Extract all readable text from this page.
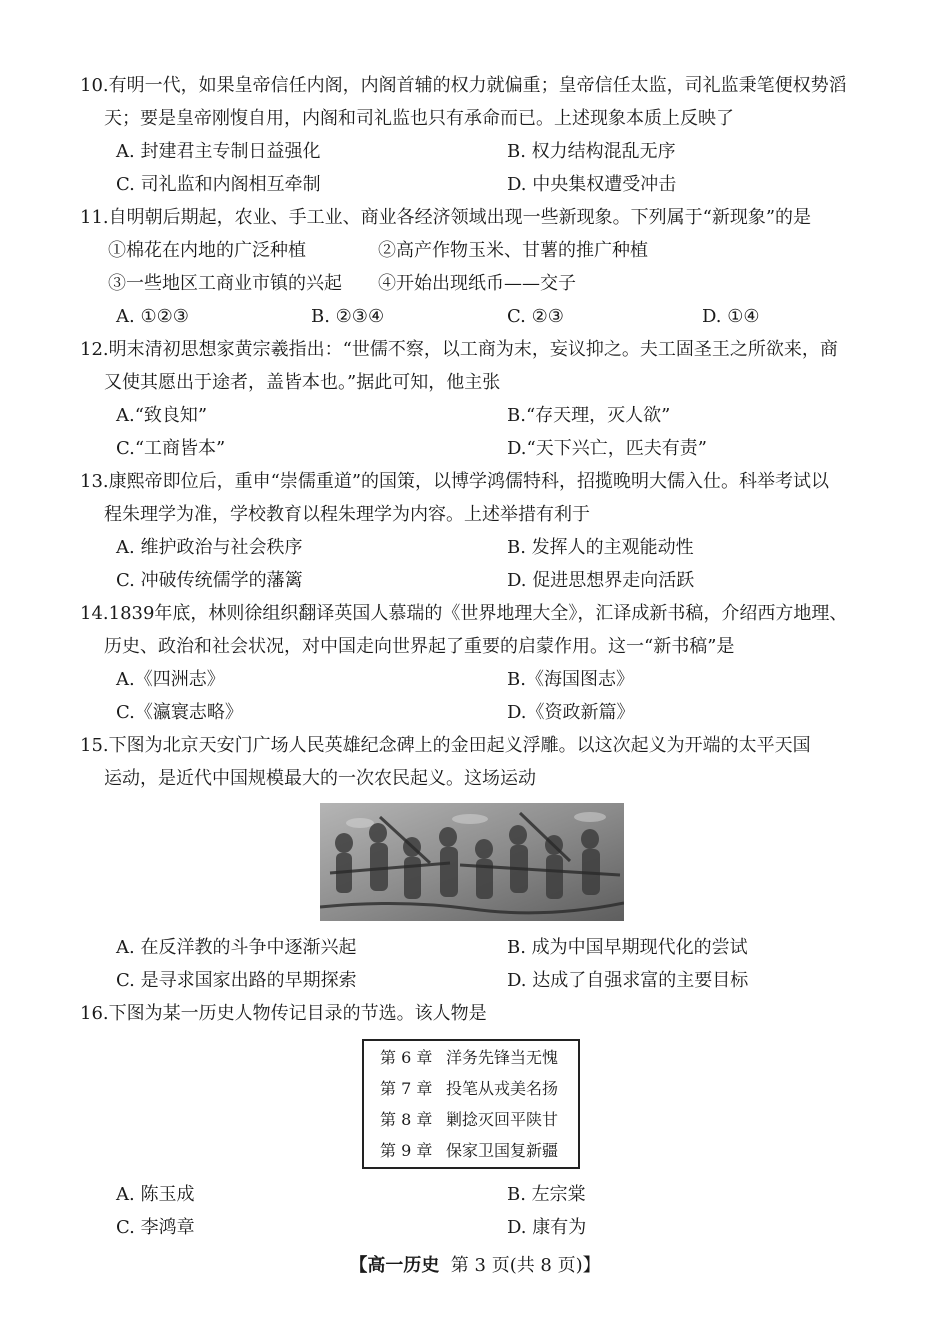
10.有明一代，如果皇帝信任内阁，内阁首辅的权力就偏重；皇帝信任太监，司礼监秉笔便权势滔
天；要是皇帝刚愎自用，内阁和司礼监也只有承命而已。上述现象本质上反映了
A. 封建君主专制日益强化	B. 权力结构混乱无序
C. 司礼监和内阁相互牵制	D. 中央集权遭受冲击
11.自明朝后期起，农业、手工业、商业各经济领域出现一些新现象。下列属于“新现象”的是
①棉花在内地的广泛种植	②高产作物玉米、甘薯的推广种植
③一些地区工商业市镇的兴起 ④开始出现纸币——交子
A. ①②③	B. ②③④	C. ②③	D. ①④
12.明末清初思想家黄宗羲指出：“世儒不察，以工商为末，妄议抑之。夫工固圣王之所欲来，商
又使其愿出于途者，盖皆本也。”据此可知，他主张
A.“致良知”	B.“存天理，灭人欲”
C.“工商皆本”	D.“天下兴亡，匹夫有责”
13.康熙帝即位后，重申“崇儒重道”的国策，以博学鸿儒特科，招揽晚明大儒入仕。科举考试以
程朱理学为准，学校教育以程朱理学为内容。上述举措有利于
A. 维护政治与社会秩序	B. 发挥人的主观能动性
C. 冲破传统儒学的藩篱	D. 促进思想界走向活跃
14.1839年底，林则徐组织翻译英国人慕瑞的《世界地理大全》，汇译成新书稿，介绍西方地理、
历史、政治和社会状况，对中国走向世界起了重要的启蒙作用。这一“新书稿”是
A.《四洲志》	B.《海国图志》
C.《瀛寰志略》	D.《资政新篇》
15.下图为北京天安门广场人民英雄纪念碑上的金田起义浮雕。以这次起义为开端的太平天国
运动，是近代中国规模最大的一次农民起义。这场运动
A. 在反洋教的斗争中逐渐兴起	B. 成为中国早期现代化的尝试
C. 是寻求国家出路的早期探索	D. 达成了自强求富的主要目标
16.下图为某一历史人物传记目录的节选。该人物是
第 6 章 洋务先锋当无愧
第 7 章 投笔从戎美名扬
第 8 章 剿捻灭回平陕甘
第 9 章 保家卫国复新疆
A. 陈玉成	B. 左宗棠
C. 李鸿章	D. 康有为
【高一历史 第 3 页(共 8 页)】
